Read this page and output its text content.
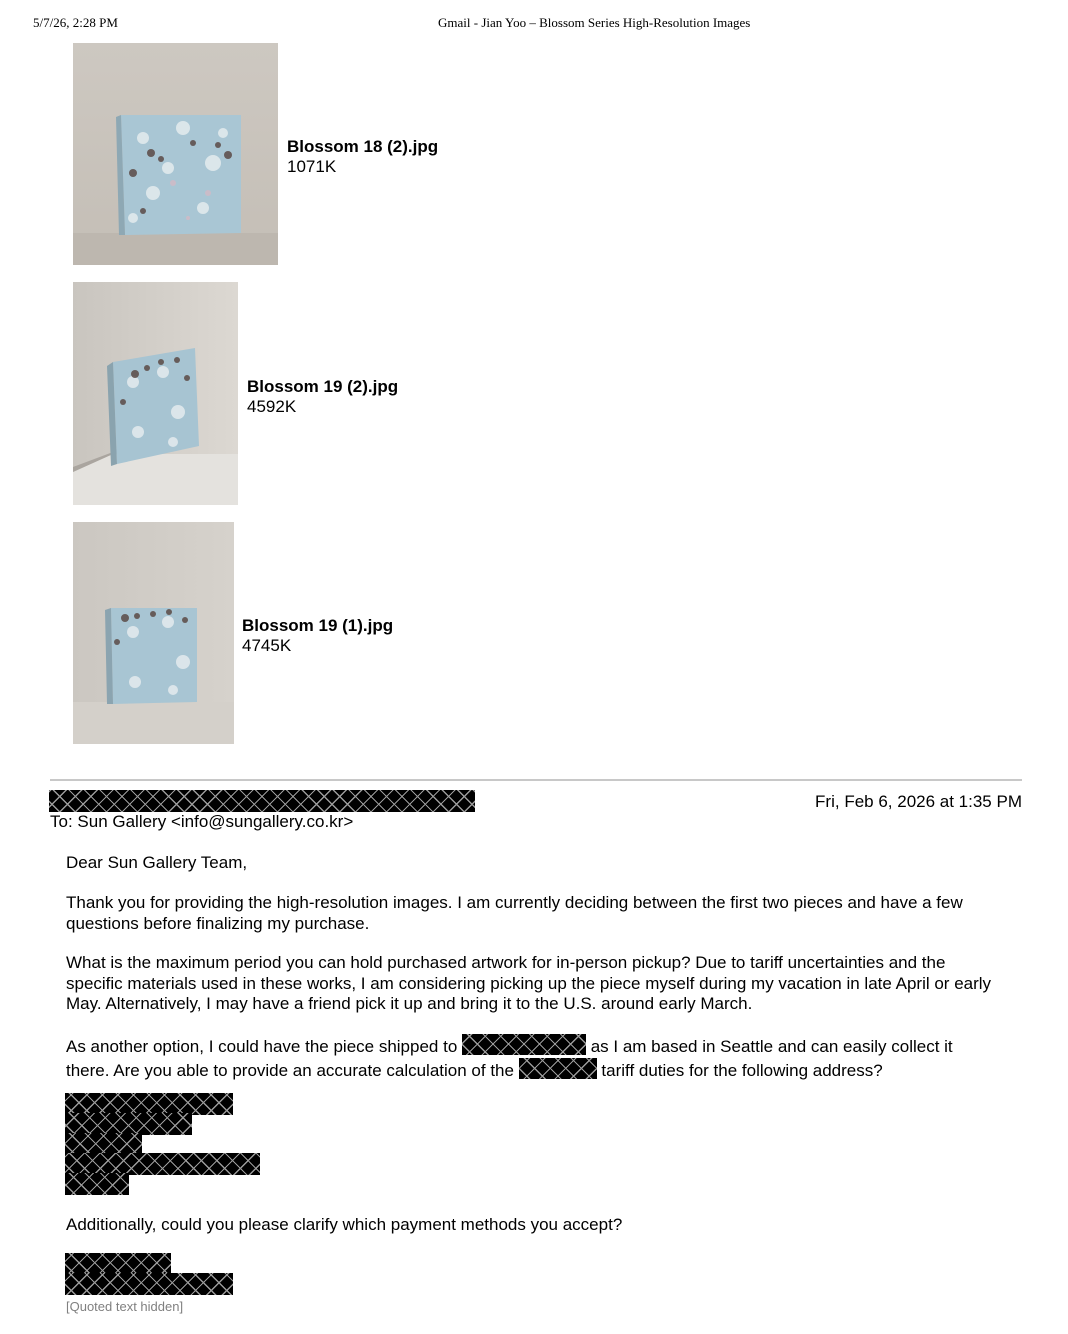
5/7/26, 2:28 PM	Gmail - Jian Yoo – Blossom Series High-Resolution Images
Blossom 18 (2).jpg
1071K
Blossom 19 (2).jpg
4592K
Blossom 19 (1).jpg
4745K
Fri, Feb 6, 2026 at 1:35 PM
To: Sun Gallery <info@sungallery.co.kr>
Dear Sun Gallery Team,
Thank you for providing the high-resolution images. I am currently deciding between the first two pieces and have a few questions before finalizing my purchase.
What is the maximum period you can hold purchased artwork for in-person pickup? Due to tariff uncertainties and the specific materials used in these works, I am considering picking up the piece myself during my vacation in late April or early May. Alternatively, I may have a friend pick it up and bring it to the U.S. around early March.
As another option, I could have the piece shipped to	as I am based in Seattle and can easily collect it there. Are you able to provide an accurate calculation of the	tariff duties for the following address?
Additionally, could you please clarify which payment methods you accept?
[Quoted text hidden]
